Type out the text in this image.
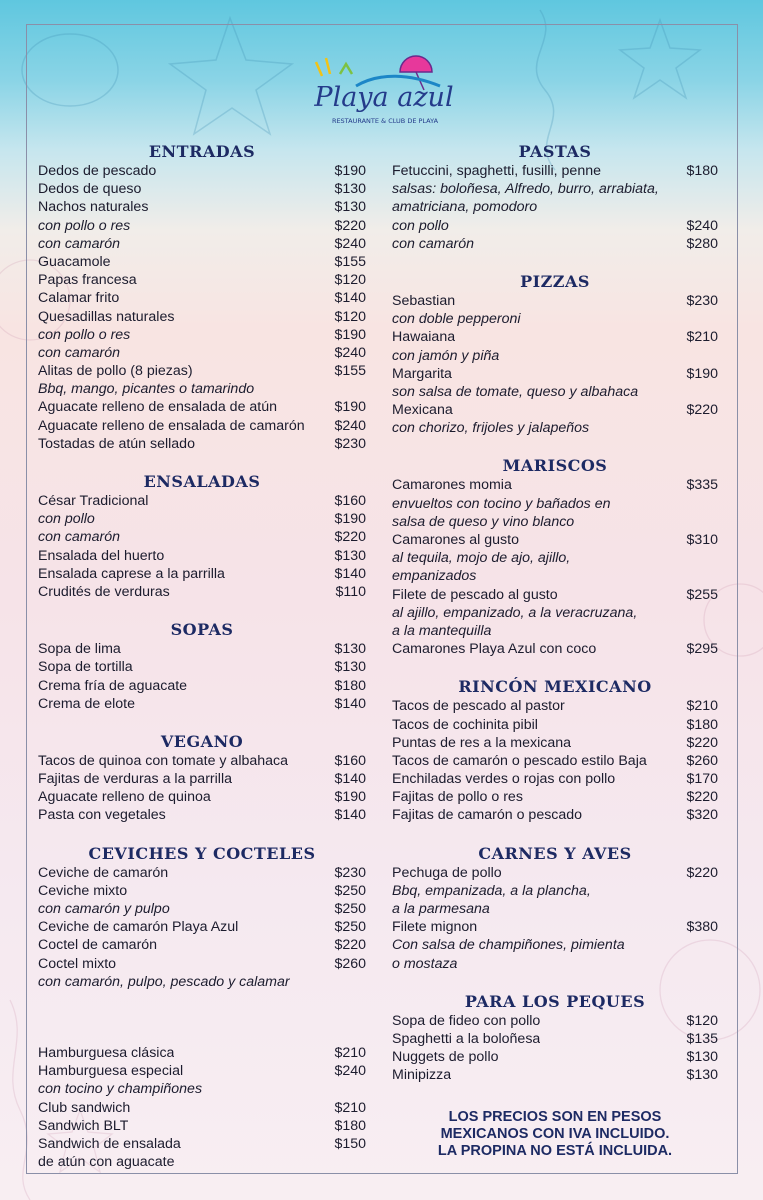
Playa azul
RESTAURANTE & CLUB DE PLAYA
ENTRADAS
Dedos de pescado	$190
Dedos de queso	$130
Nachos naturales	$130
con pollo o res	$220
con camarón	$240
Guacamole	$155
Papas francesa	$120
Calamar frito	$140
Quesadillas naturales	$120
con pollo o res	$190
con camarón	$240
Alitas de pollo (8 piezas)	$155
Bbq, mango, picantes o tamarindo
Aguacate relleno de ensalada de atún	$190
Aguacate relleno de ensalada de camarón $240
Tostadas de atún sellado	$230
ENSALADAS
César Tradicional	$160
con pollo	$190
con camarón	$220
Ensalada del huerto	$130
Ensalada caprese a la parrilla	$140
Crudités de verduras	$110
SOPAS
Sopa de lima	$130
Sopa de tortilla	$130
Crema fría de aguacate	$180
Crema de elote	$140
VEGANO
Tacos de quinoa con tomate y albahaca	$160
Fajitas de verduras a la parrilla	$140
Aguacate relleno de quinoa	$190
Pasta con vegetales	$140
CEVICHES Y COCTELES
Ceviche de camarón	$230
Ceviche mixto	$250
con camarón y pulpo	$250
Ceviche de camarón Playa Azul	$250
Coctel de camarón	$220
Coctel mixto	$260
con camarón, pulpo, pescado y calamar
Hamburguesa clásica	$210
Hamburguesa especial	$240
con tocino y champiñones
Club sandwich	$210
Sandwich BLT	$180
Sandwich de ensalada	$150
de atún con aguacate
PASTAS
Fetuccini, spaghetti, fusilli, penne	$180
salsas: boloñesa, Alfredo, burro, arrabiata,
amatriciana, pomodoro
con pollo	$240
con camarón	$280
PIZZAS
Sebastian	$230
con doble pepperoni
Hawaiana	$210
con jamón y piña
Margarita	$190
son salsa de tomate, queso y albahaca
Mexicana	$220
con chorizo, frijoles y jalapeños
MARISCOS
Camarones momia	$335
envueltos con tocino y bañados en
salsa de queso y vino blanco
Camarones al gusto	$310
al tequila, mojo de ajo, ajillo,
empanizados
Filete de pescado al gusto	$255
al ajillo, empanizado, a la veracruzana,
a la mantequilla
Camarones Playa Azul con coco	$295
RINCÓN MEXICANO
Tacos de pescado al pastor	$210
Tacos de cochinita pibil	$180
Puntas de res a la mexicana	$220
Tacos de camarón o pescado estilo Baja	$260
Enchiladas verdes o rojas con pollo	$170
Fajitas de pollo o res	$220
Fajitas de camarón o pescado	$320
CARNES Y AVES
Pechuga de pollo	$220
Bbq, empanizada, a la plancha,
a la parmesana
Filete mignon	$380
Con salsa de champiñones, pimienta
o mostaza
PARA LOS PEQUES
Sopa de fideo con pollo	$120
Spaghetti a la boloñesa	$135
Nuggets de pollo	$130
Minipizza	$130
LOS PRECIOS SON EN PESOS
MEXICANOS CON IVA INCLUIDO.
LA PROPINA NO ESTÁ INCLUIDA.
